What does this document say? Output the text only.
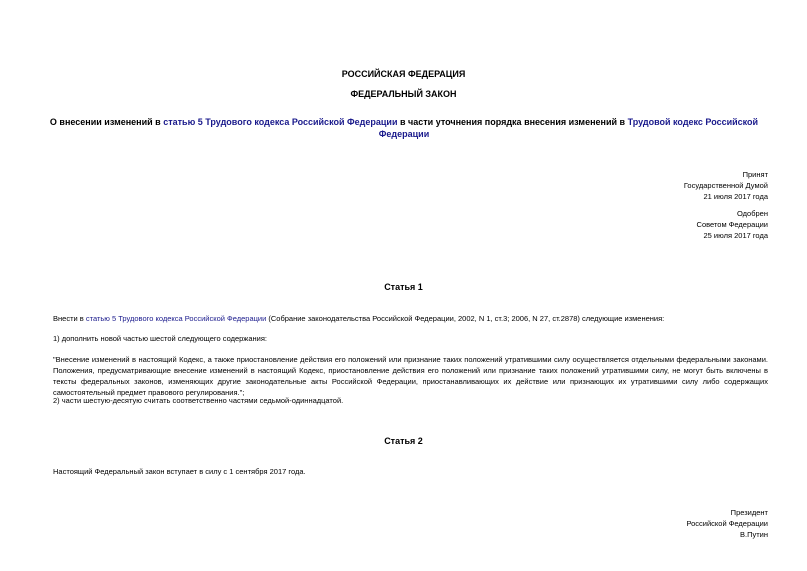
РОССИЙСКАЯ ФЕДЕРАЦИЯ
ФЕДЕРАЛЬНЫЙ ЗАКОН
О внесении изменений в статью 5 Трудового кодекса Российской Федерации в части уточнения порядка внесения изменений в Трудовой кодекс Российской Федерации
Принят
Государственной Думой
21 июля 2017 года
Одобрен
Советом Федерации
25 июля 2017 года
Статья 1
Внести в статью 5 Трудового кодекса Российской Федерации (Собрание законодательства Российской Федерации, 2002, N 1, ст.3; 2006, N 27, ст.2878) следующие изменения:
1) дополнить новой частью шестой следующего содержания:
"Внесение изменений в настоящий Кодекс, а также приостановление действия его положений или признание таких положений утратившими силу осуществляется отдельными федеральными законами. Положения, предусматривающие внесение изменений в настоящий Кодекс, приостановление действия его положений или признание таких положений утратившими силу, не могут быть включены в тексты федеральных законов, изменяющих другие законодательные акты Российской Федерации, приостанавливающих их действие или признающих их утратившими силу либо содержащих самостоятельный предмет правового регулирования.";
2) части шестую-десятую считать соответственно частями седьмой-одиннадцатой.
Статья 2
Настоящий Федеральный закон вступает в силу с 1 сентября 2017 года.
Президент
Российской Федерации
В.Путин
